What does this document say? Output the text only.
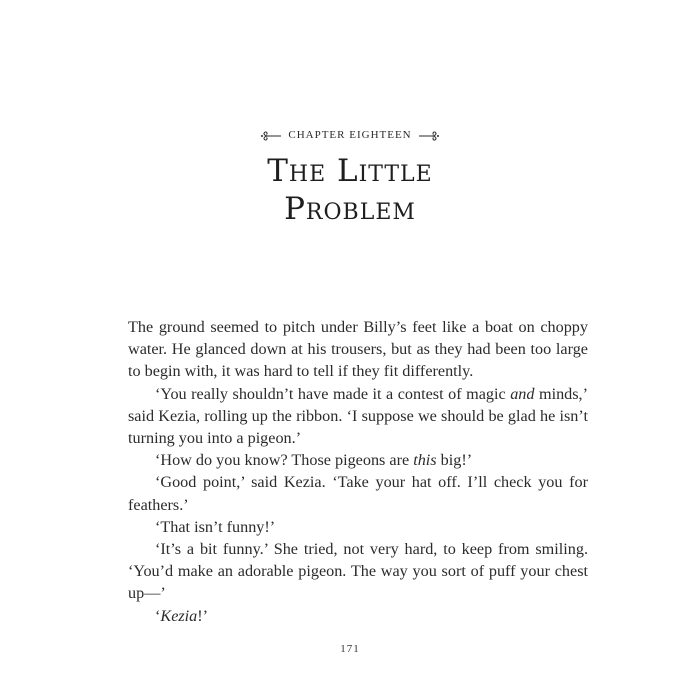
CHAPTER EIGHTEEN
The Little
Problem

The ground seemed to pitch under Billy’s feet like a boat on choppy water. He glanced down at his trousers, but as they had been too large to begin with, it was hard to tell if they fit differently.

‘You really shouldn’t have made it a contest of magic and minds,’ said Kezia, rolling up the ribbon. ‘I suppose we should be glad he isn’t turning you into a pigeon.’

‘How do you know? Those pigeons are this big!’

‘Good point,’ said Kezia. ‘Take your hat off. I’ll check you for feathers.’

‘That isn’t funny!’

‘It’s a bit funny.’ She tried, not very hard, to keep from smiling. ‘You’d make an adorable pigeon. The way you sort of puff your chest up—’

‘Kezia!’

171
